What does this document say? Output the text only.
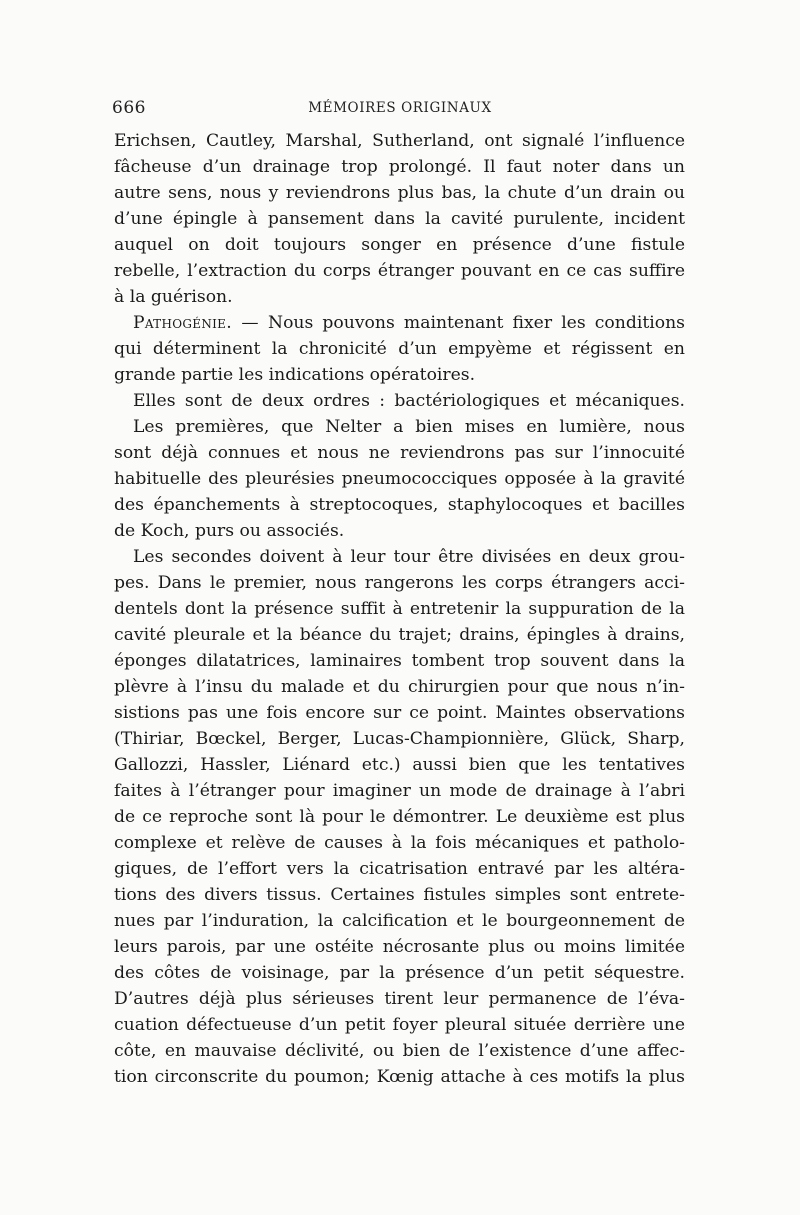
666	MÉMOIRES ORIGINAUX
Erichsen, Cautley, Marshal, Sutherland, ont signalé l’influence
fâcheuse d’un drainage trop prolongé. Il faut noter dans un
autre sens, nous y reviendrons plus bas, la chute d’un drain ou
d’une épingle à pansement dans la cavité purulente, incident
auquel on doit toujours songer en présence d’une fistule
rebelle, l’extraction du corps étranger pouvant en ce cas suffire
à la guérison.
Pathogénie. — Nous pouvons maintenant fixer les conditions
qui déterminent la chronicité d’un empyème et régissent en
grande partie les indications opératoires.
Elles sont de deux ordres : bactériologiques et mécaniques.
Les premières, que Nelter a bien mises en lumière, nous
sont déjà connues et nous ne reviendrons pas sur l’innocuité
habituelle des pleurésies pneumococciques opposée à la gravité
des épanchements à streptocoques, staphylocoques et bacilles
de Koch, purs ou associés.
Les secondes doivent à leur tour être divisées en deux grou-
pes. Dans le premier, nous rangerons les corps étrangers acci-
dentels dont la présence suffit à entretenir la suppuration de la
cavité pleurale et la béance du trajet; drains, épingles à drains,
éponges dilatatrices, laminaires tombent trop souvent dans la
plèvre à l’insu du malade et du chirurgien pour que nous n’in-
sistions pas une fois encore sur ce point. Maintes observations
(Thiriar, Bœckel, Berger, Lucas-Championnière, Glück, Sharp,
Gallozzi, Hassler, Liénard etc.) aussi bien que les tentatives
faites à l’étranger pour imaginer un mode de drainage à l’abri
de ce reproche sont là pour le démontrer. Le deuxième est plus
complexe et relève de causes à la fois mécaniques et patholo-
giques, de l’effort vers la cicatrisation entravé par les altéra-
tions des divers tissus. Certaines fistules simples sont entrete-
nues par l’induration, la calcification et le bourgeonnement de
leurs parois, par une ostéite nécrosante plus ou moins limitée
des côtes de voisinage, par la présence d’un petit séquestre.
D’autres déjà plus sérieuses tirent leur permanence de l’éva-
cuation défectueuse d’un petit foyer pleural située derrière une
côte, en mauvaise déclivité, ou bien de l’existence d’une affec-
tion circonscrite du poumon; Kœnig attache à ces motifs la plus
